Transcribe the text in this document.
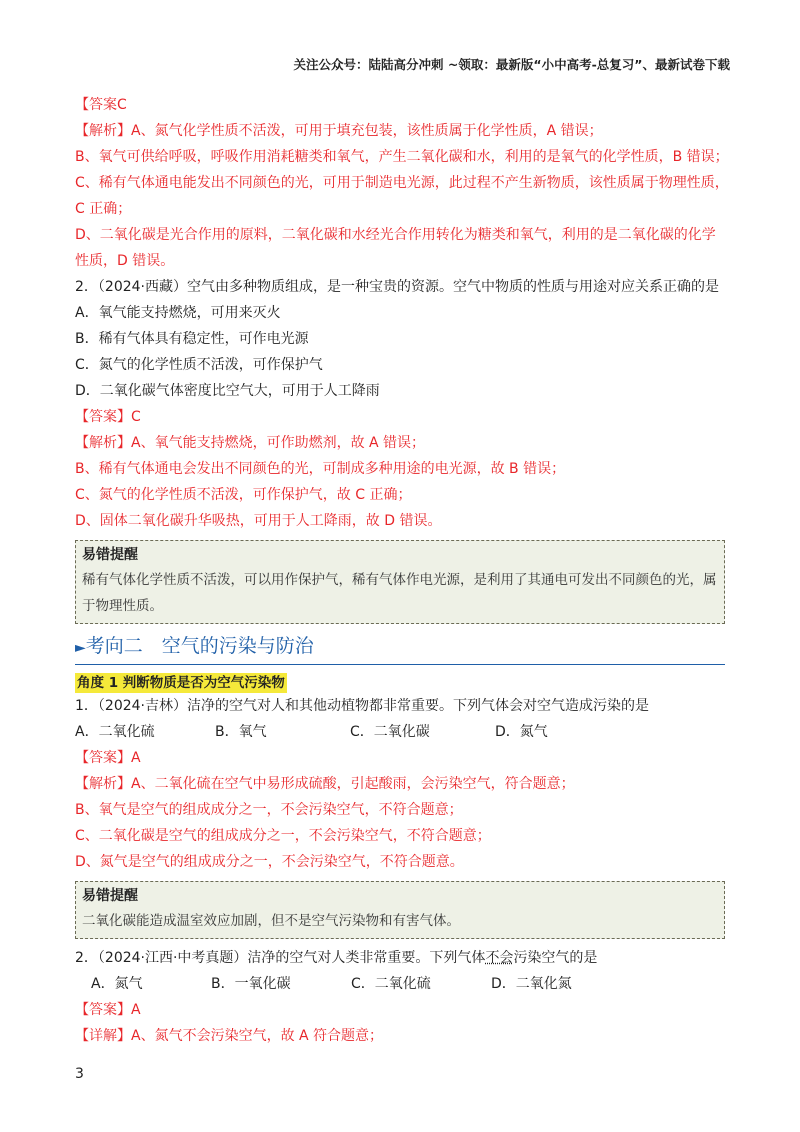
关注公众号：陆陆高分冲刺 ~领取：最新版“小中高考-总复习”、最新试卷下载
【答案C
【解析】A、氮气化学性质不活泼，可用于填充包装，该性质属于化学性质，A 错误；
B、氧气可供给呼吸，呼吸作用消耗糖类和氧气，产生二氧化碳和水，利用的是氧气的化学性质，B 错误；
C、稀有气体通电能发出不同颜色的光，可用于制造电光源，此过程不产生新物质，该性质属于物理性质，
C 正确；
D、二氧化碳是光合作用的原料，二氧化碳和水经光合作用转化为糖类和氧气，利用的是二氧化碳的化学
性质，D 错误。
2．（2024·西藏）空气由多种物质组成，是一种宝贵的资源。空气中物质的性质与用途对应关系正确的是
A．氧气能支持燃烧，可用来灭火
B．稀有气体具有稳定性，可作电光源
C．氮气的化学性质不活泼，可作保护气
D．二氧化碳气体密度比空气大，可用于人工降雨
【答案】C
【解析】A、氧气能支持燃烧，可作助燃剂，故 A 错误；
B、稀有气体通电会发出不同颜色的光，可制成多种用途的电光源，故 B 错误；
C、氮气的化学性质不活泼，可作保护气，故 C 正确；
D、固体二氧化碳升华吸热，可用于人工降雨，故 D 错误。
易错提醒
稀有气体化学性质不活泼，可以用作保护气，稀有气体作电光源，是利用了其通电可发出不同颜色的光，属于物理性质。
►考向二　空气的污染与防治
角度 1 判断物质是否为空气污染物
1．（2024·吉林）洁净的空气对人和其他动植物都非常重要。下列气体会对空气造成污染的是
A．二氧化硫	B．氧气	C．二氧化碳	D．氮气
【答案】A
【解析】A、二氧化硫在空气中易形成硫酸，引起酸雨，会污染空气，符合题意；
B、氧气是空气的组成成分之一，不会污染空气，不符合题意；
C、二氧化碳是空气的组成成分之一，不会污染空气，不符合题意；
D、氮气是空气的组成成分之一，不会污染空气，不符合题意。
易错提醒
二氧化碳能造成温室效应加剧，但不是空气污染物和有害气体。
2．（2024·江西·中考真题）洁净的空气对人类非常重要。下列气体不会污染空气的是
A．氮气	B．一氧化碳	C．二氧化硫	D．二氧化氮
【答案】A
【详解】A、氮气不会污染空气，故 A 符合题意；
3
